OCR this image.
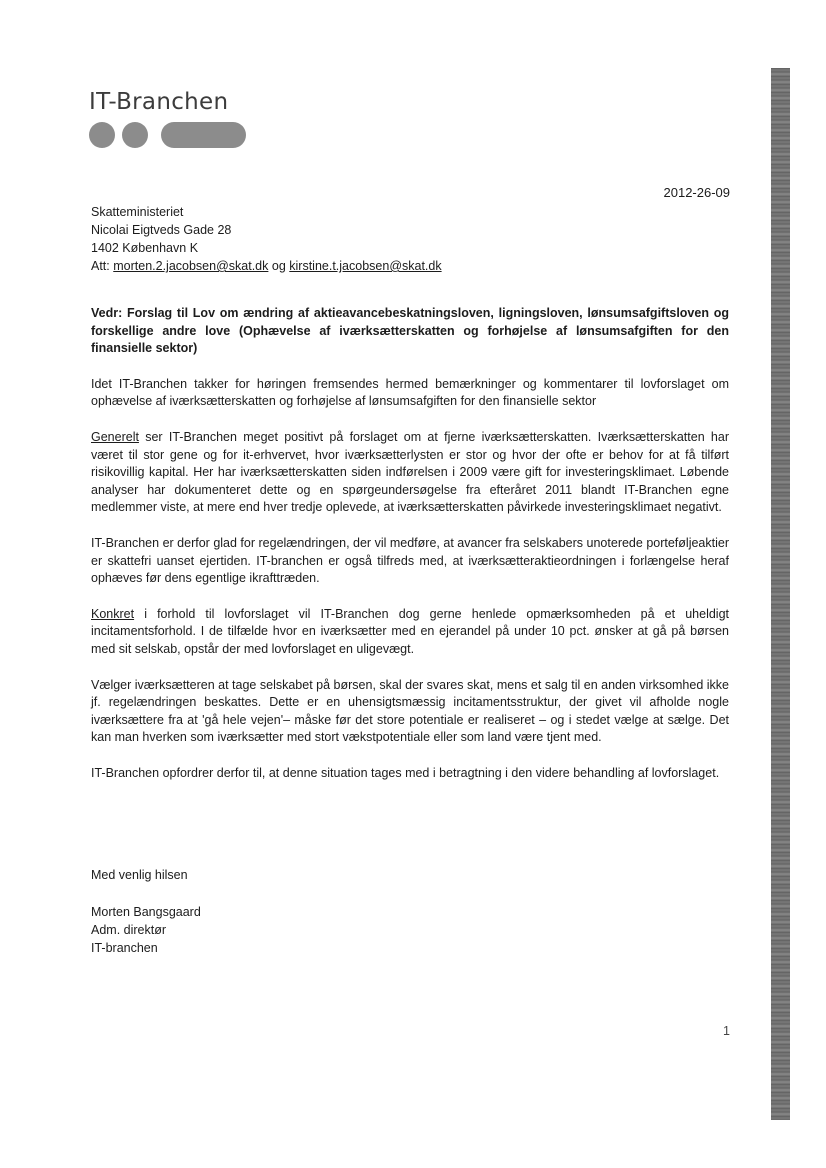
IT-Branchen
2012-26-09
Skatteministeriet
Nicolai Eigtveds Gade 28
1402 København K
Att: morten.2.jacobsen@skat.dk og kirstine.t.jacobsen@skat.dk

Vedr: Forslag til Lov om ændring af aktieavancebeskatningsloven, ligningsloven, lønsumsafgiftsloven og forskellige andre love (Ophævelse af iværksætterskatten og forhøjelse af lønsumsafgiften for den finansielle sektor)

Idet IT-Branchen takker for høringen fremsendes hermed bemærkninger og kommentarer til lovforslaget om ophævelse af iværksætterskatten og forhøjelse af lønsumsafgiften for den finansielle sektor

Generelt ser IT-Branchen meget positivt på forslaget om at fjerne iværksætterskatten. Iværksætterskatten har været til stor gene og for it-erhvervet, hvor iværksætterlysten er stor og hvor der ofte er behov for at få tilført risikovillig kapital. Her har iværksætterskatten siden indførelsen i 2009 være gift for investeringsklimaet. Løbende analyser har dokumenteret dette og en spørgeundersøgelse fra efteråret 2011 blandt IT-Branchen egne medlemmer viste, at mere end hver tredje oplevede, at iværksætterskatten påvirkede investeringsklimaet negativt.

IT-Branchen er derfor glad for regelændringen, der vil medføre, at avancer fra selskabers unoterede porteføljeaktier er skattefri uanset ejertiden. IT-branchen er også tilfreds med, at iværksætteraktieordningen i forlængelse heraf ophæves før dens egentlige ikrafttræden.

Konkret i forhold til lovforslaget vil IT-Branchen dog gerne henlede opmærksomheden på et uheldigt incitamentsforhold. I de tilfælde hvor en iværksætter med en ejerandel på under 10 pct. ønsker at gå på børsen med sit selskab, opstår der med lovforslaget en uligevægt.

Vælger iværksætteren at tage selskabet på børsen, skal der svares skat, mens et salg til en anden virksomhed ikke jf. regelændringen beskattes. Dette er en uhensigtsmæssig incitamentsstruktur, der givet vil afholde nogle iværksættere fra at 'gå hele vejen'– måske før det store potentiale er realiseret – og i stedet vælge at sælge. Det kan man hverken som iværksætter med stort vækstpotentiale eller som land være tjent med.

IT-Branchen opfordrer derfor til, at denne situation tages med i betragtning i den videre behandling af lovforslaget.

Med venlig hilsen
Morten Bangsgaard
Adm. direktør
IT-branchen
1
